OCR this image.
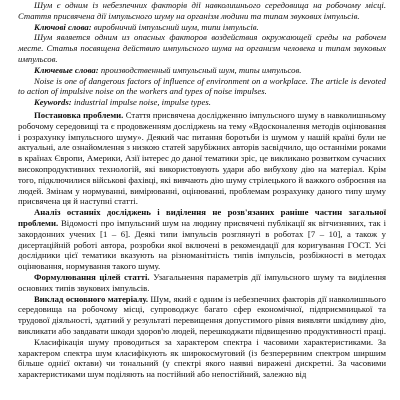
Шум є одним із небезпечних факторів дії навколишнього середовища на робочому місці. Стаття присвячена дії імпульсного шуму на організм людини та типам звукових імпульсів.

Ключові слова: виробничий імпульсний шум, типи імпульсів.

Шум является одним из опасных факторов воздействия окружающей среды на рабочем месте. Статья посвящена действию импульсного шума на организм человека и типам звуковых импульсов.

Ключевые слова: производственный импульсный шум, типы импульсов.

Noise is one of dangerous factors of influence of environment on a workplace. The article is devoted to action of impulsive noise on the workers and types of noise impulses.

Keywords: industrial impulse noise, impulse types.

Постановка проблеми. Стаття присвячена дослідженню імпульсного шуму в навколишньому робочому середовищі та є продовженням досліджень на тему «Вдосконалення методів оцінювання і розрахунку імпульсного шуму». Деякий час питання боротьби із шумом у нашій країні були не актуальні, але ознайомлення з низкою статей зарубіжних авторів засвідчило, що останніми роками в країнах Європи, Америки, Азії інтерес до даної тематики зріс, це викликано розвитком сучасних високопродуктивних технологій, які використовують удари або вибухову дію на матеріал. Крім того, підключилися військові фахівці, які вивчають дію шуму стрілецького й важкого озброєння на людей. Змінам у нормуванні, вимірюванні, оцінюванні, проблемам розрахунку даного типу шуму присвячена ця й наступні статті.

Аналіз останніх досліджень і виділення не розв'язаних раніше частин загальної проблеми. Відомості про імпульсний шум на людину присвячені публікації як вітчизняних, так і закордонних учених [1 – 6]. Деякі типи імпульсів розглянуті в роботах [7 – 10], а також у дисертаційній роботі автора, розробки якої включені в рекомендації для коригування ГОСТ. Усі дослідники цієї тематики вказують на різноманітність типів імпульсів, розбіжності в методах оцінювання, нормування такого шуму.

Формулювання цілей статті. Узагальнення параметрів дії імпульсного шуму та виділення основних типів звукових імпульсів.

Виклад основного матеріалу. Шум, який є одним із небезпечних факторів дії навколишнього середовища на робочому місці, супроводжує багато сфер економічної, підприємницької та трудової діяльності, здатний у результаті перевищення допустимого рівня виявляти шкідливу дію, викликати або завдавати шкоди здоров'ю людей, перешкоджати підвищенню продуктивності праці.

Класифікація шуму проводиться за характером спектра і часовими характеристиками. За характером спектра шум класифікують як широкосмуговий (із безперервним спектром ширшим більше однієї октави) чи тональний (у спектрі якого наявні виражені дискретні. За часовими характеристиками шум поділяють на постійний або непостійний, залежно від
